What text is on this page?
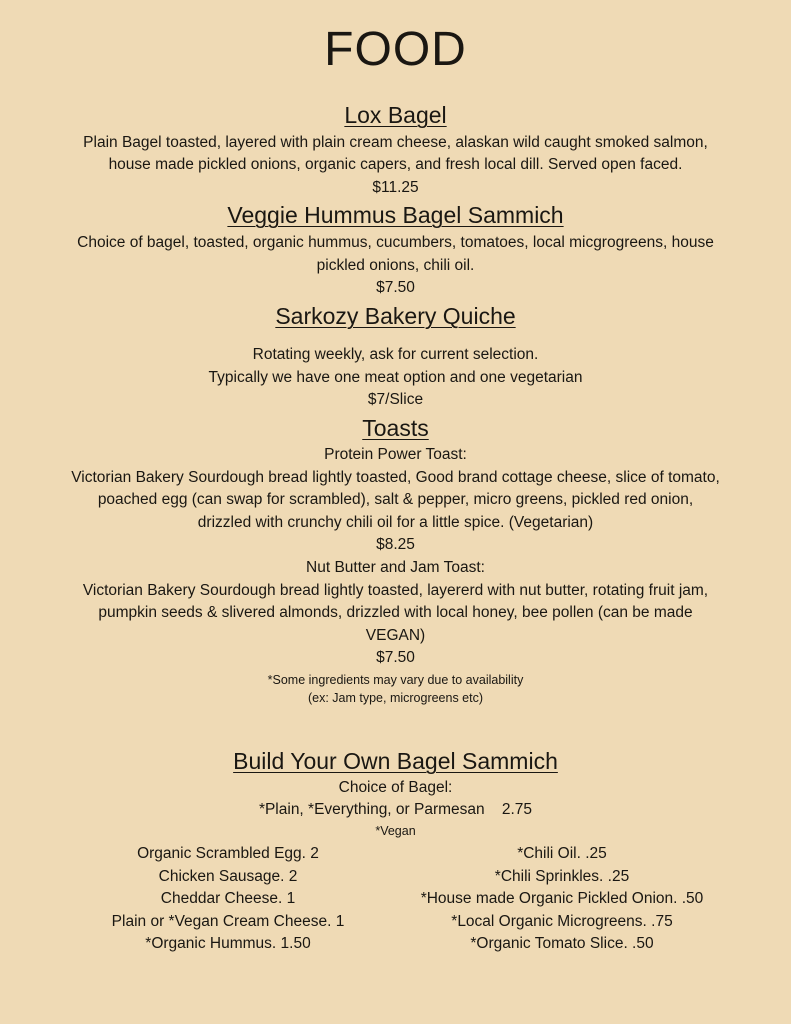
FOOD
Lox Bagel
Plain Bagel toasted, layered with plain cream cheese, alaskan wild caught smoked salmon,
house made pickled onions, organic capers, and fresh local dill. Served open faced.
$11.25
Veggie Hummus Bagel Sammich
Choice of bagel, toasted, organic hummus, cucumbers, tomatoes, local micgrogreens, house
pickled onions, chili oil.
$7.50
Sarkozy Bakery Quiche
Rotating weekly, ask for current selection.
Typically we have one meat option and one vegetarian
$7/Slice
Toasts
Protein Power Toast:
Victorian Bakery Sourdough bread lightly toasted, Good brand cottage cheese, slice of tomato,
poached egg (can swap for scrambled), salt & pepper, micro greens, pickled red onion,
drizzled with crunchy chili oil for a little spice. (Vegetarian)
$8.25
Nut Butter and Jam Toast:
Victorian Bakery Sourdough bread lightly toasted, layererd with nut butter, rotating fruit jam,
pumpkin seeds & slivered almonds, drizzled with local honey, bee pollen (can be made
VEGAN)
$7.50
*Some ingredients may vary due to availability
(ex: Jam type, microgreens etc)
Build Your Own Bagel Sammich
Choice of Bagel:
*Plain, *Everything, or Parmesan    2.75
*Vegan
Organic Scrambled Egg. 2
Chicken Sausage. 2
Cheddar Cheese. 1
Plain or *Vegan Cream Cheese. 1
*Organic Hummus. 1.50
*Chili Oil. .25
*Chili Sprinkles. .25
*House made Organic Pickled Onion. .50
*Local Organic Microgreens. .75
*Organic Tomato Slice. .50
